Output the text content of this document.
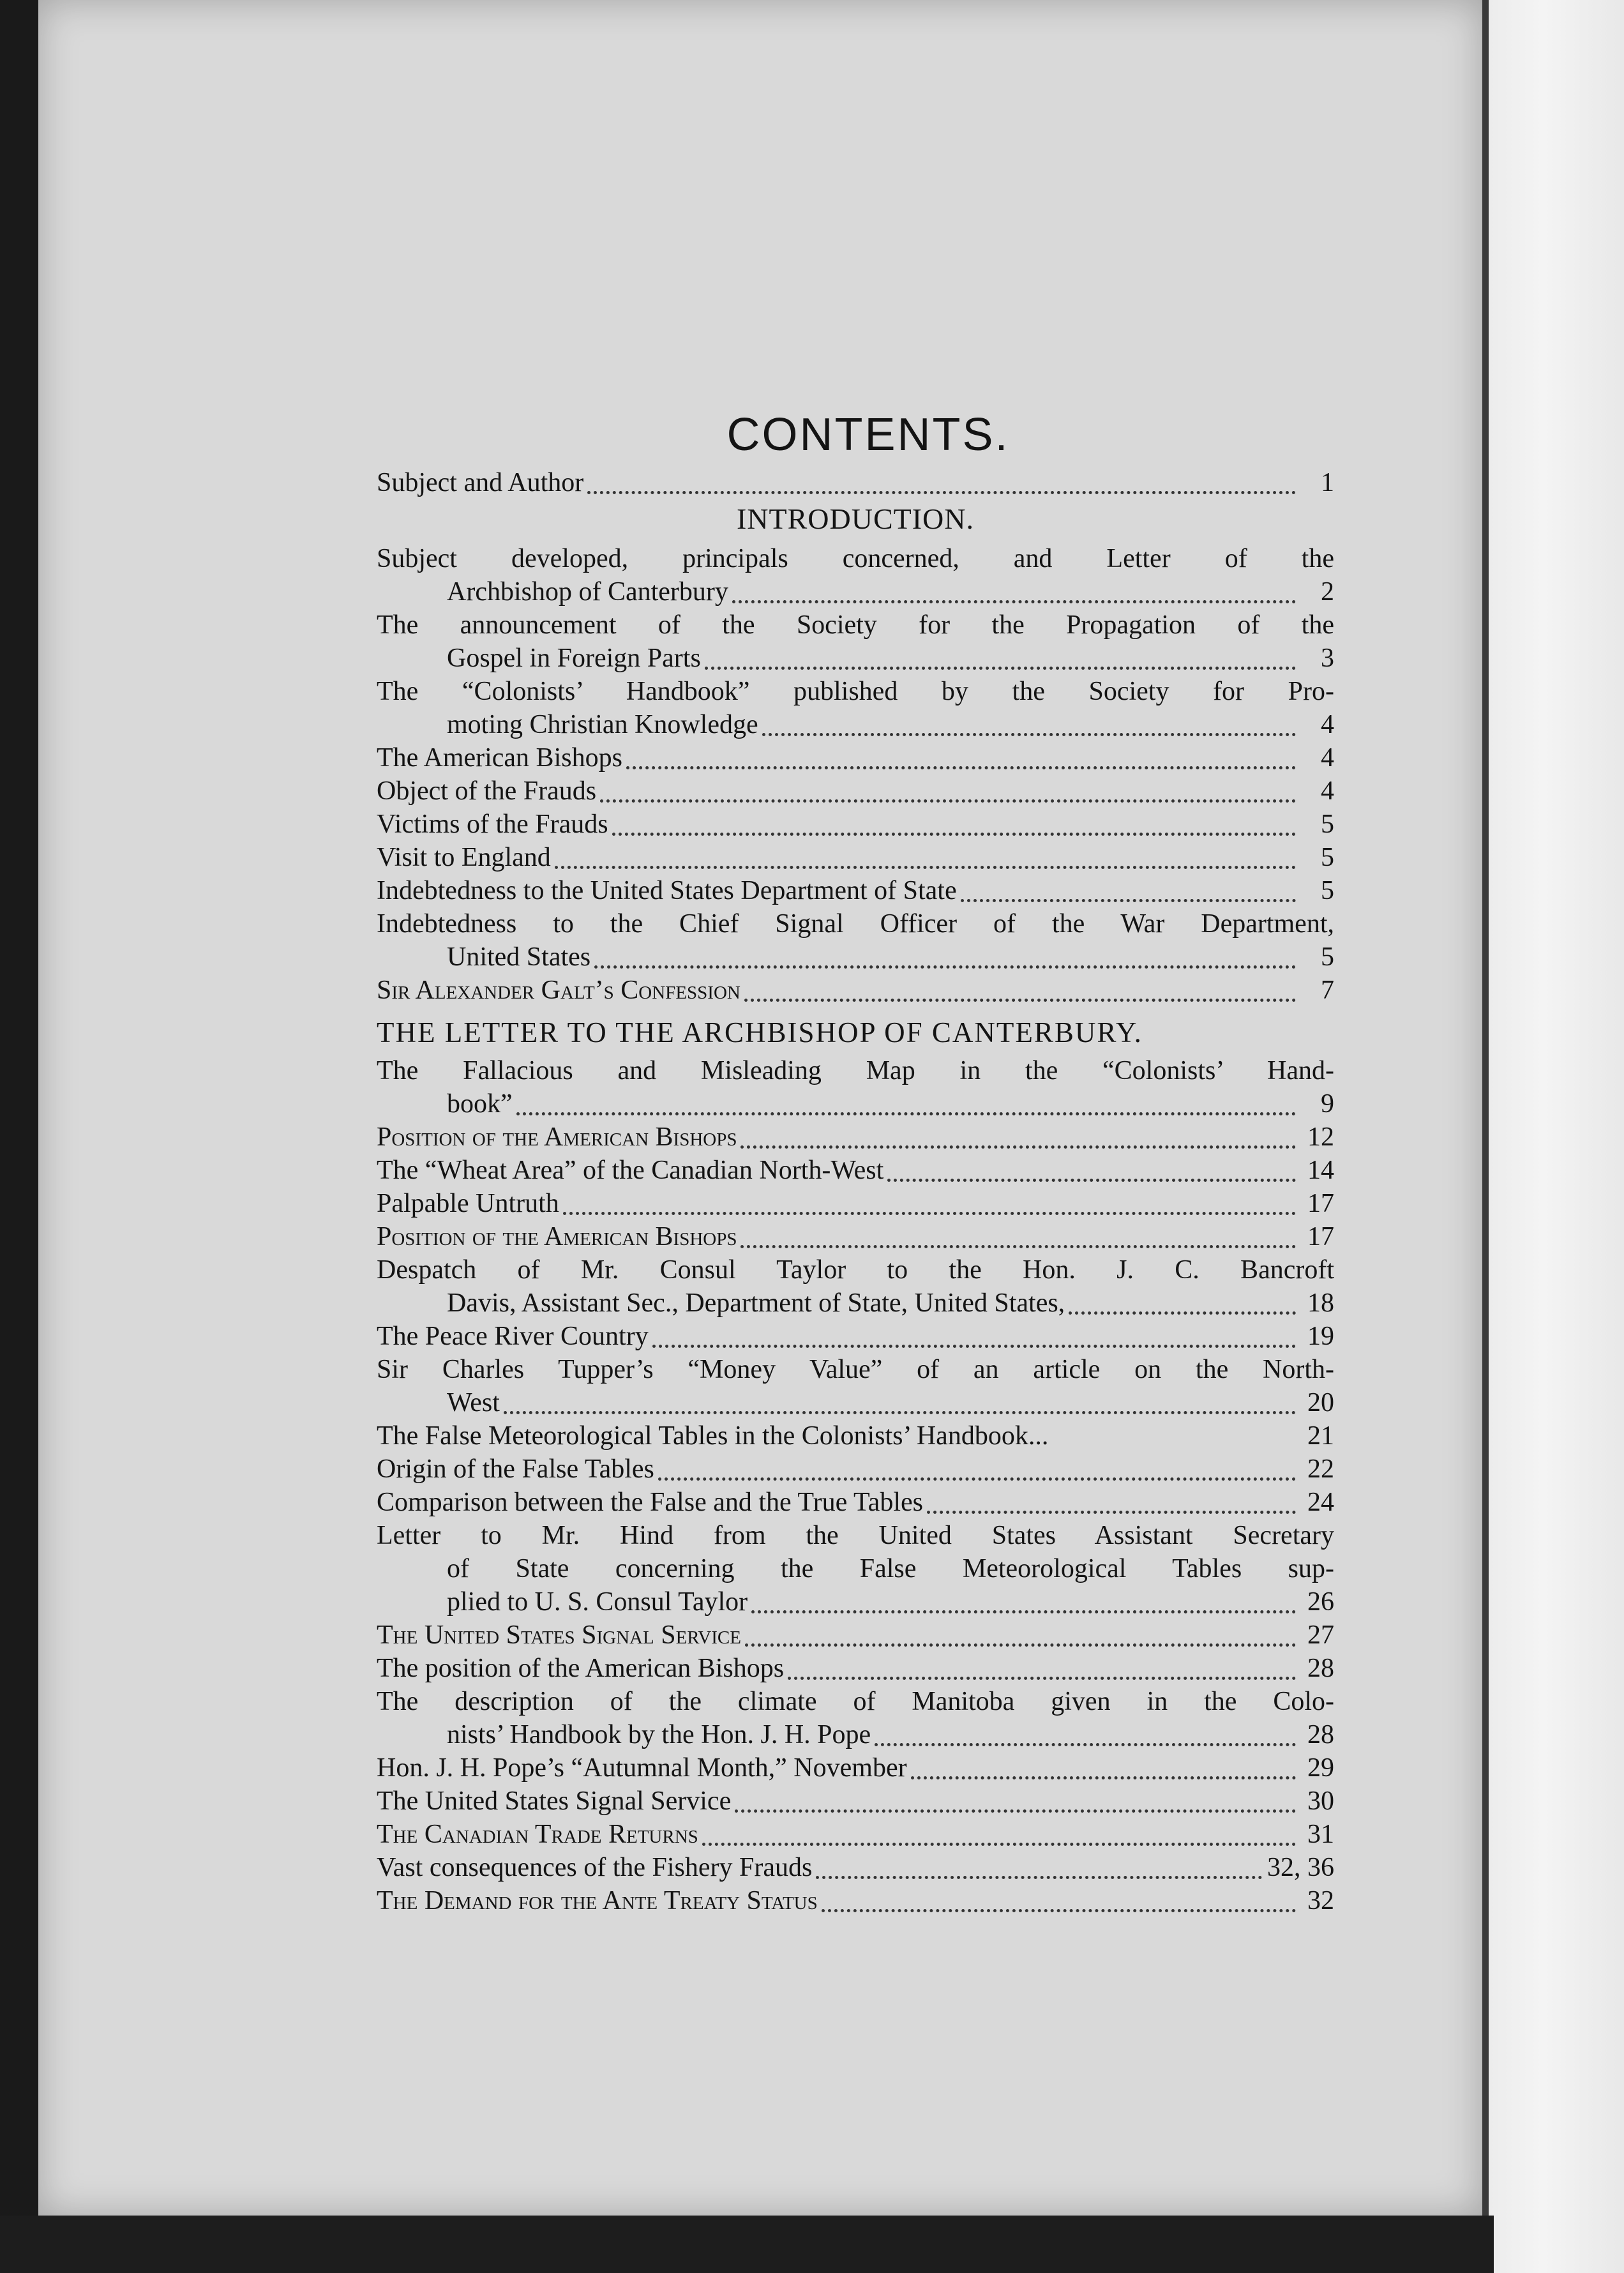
CONTENTS.
Subject and Author	1
INTRODUCTION.
Subject developed, principals concerned, and Letter of the
Archbishop of Canterbury	2
The announcement of the Society for the Propagation of the
Gospel in Foreign Parts	3
The “Colonists’ Handbook” published by the Society for Pro-
moting Christian Knowledge	4
The American Bishops	4
Object of the Frauds	4
Victims of the Frauds	5
Visit to England	5
Indebtedness to the United States Department of State	5
Indebtedness to the Chief Signal Officer of the War Department,
United States	5
Sir Alexander Galt’s Confession	7
THE LETTER TO THE ARCHBISHOP OF CANTERBURY.
The Fallacious and Misleading Map in the “Colonists’ Hand-
book”	9
Position of the American Bishops	12
The “Wheat Area” of the Canadian North-West	14
Palpable Untruth	17
Position of the American Bishops	17
Despatch of Mr. Consul Taylor to the Hon. J. C. Bancroft
Davis, Assistant Sec., Department of State, United States,	18
The Peace River Country	19
Sir Charles Tupper’s “Money Value” of an article on the North-
West	20
The False Meteorological Tables in the Colonists’ Handbook...	21
Origin of the False Tables	22
Comparison between the False and the True Tables	24
Letter to Mr. Hind from the United States Assistant Secretary
of State concerning the False Meteorological Tables sup-
plied to U. S. Consul Taylor	26
The United States Signal Service	27
The position of the American Bishops	28
The description of the climate of Manitoba given in the Colo-
nists’ Handbook by the Hon. J. H. Pope	28
Hon. J. H. Pope’s “Autumnal Month,” November	29
The United States Signal Service	30
The Canadian Trade Returns	31
Vast consequences of the Fishery Frauds	32, 36
The Demand for the Ante Treaty Status	32
